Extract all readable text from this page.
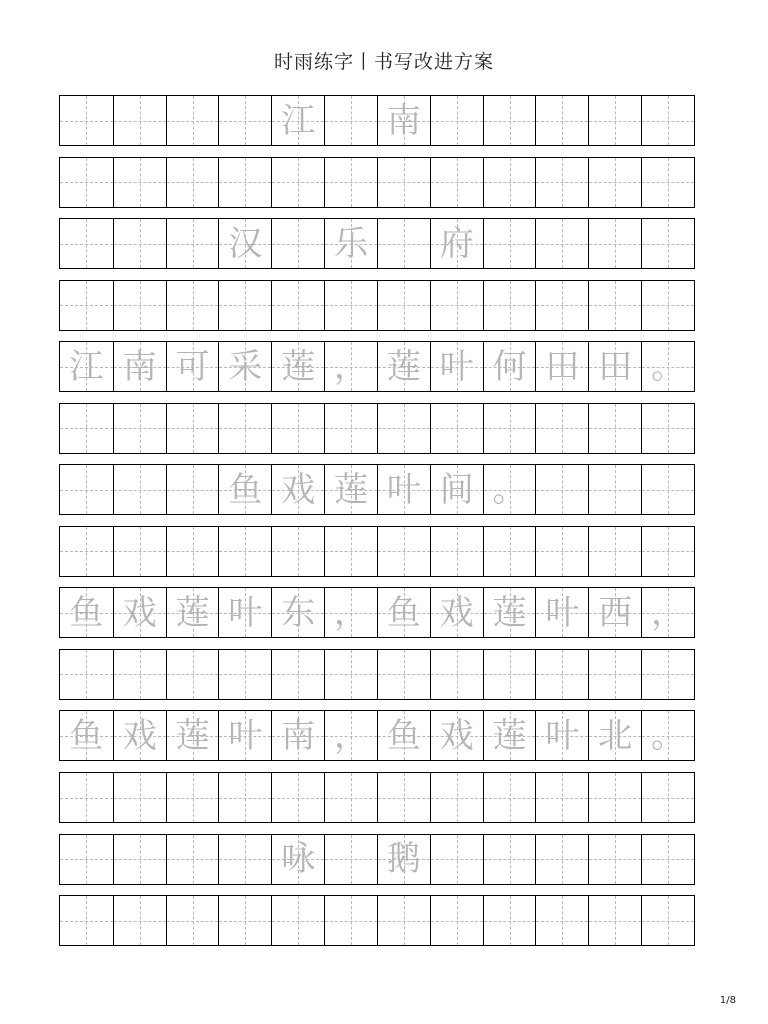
时雨练字丨书写改进方案
江 南
汉 乐 府
江 南 可 采 莲 ， 莲 叶 何 田 田 。
鱼 戏 莲 叶 间 。
鱼 戏 莲 叶 东 ， 鱼 戏 莲 叶 西 ，
鱼 戏 莲 叶 南 ， 鱼 戏 莲 叶 北 。
咏 鹅
1/8
